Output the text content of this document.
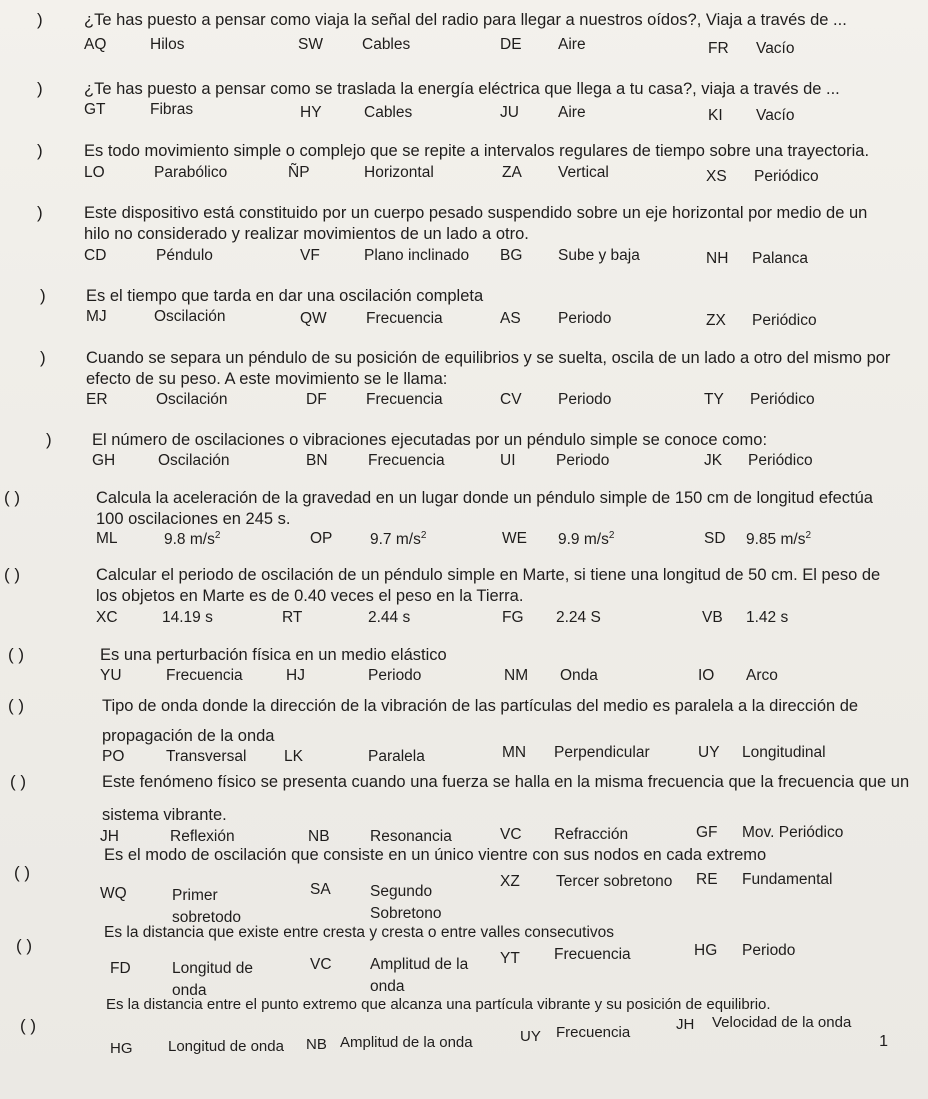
)	¿Te has puesto a pensar como viaja la señal del radio para llegar a nuestros oídos?, Viaja a través de ...
AQ	Hilos	SW	Cables	DE Aire	FR Vacío
)	¿Te has puesto a pensar como se traslada la energía eléctrica que llega a tu casa?, viaja a través de ...
GT	Fibras	HY	Cables	JU	Aire	KI Vacío
)	Es todo movimiento simple o complejo que se repite a intervalos regulares de tiempo sobre una trayectoria.
LO	Parabólico	ÑP	Horizontal	ZA Vertical	XS Periódico
)	Este dispositivo está constituido por un cuerpo pesado suspendido sobre un eje horizontal por medio de un
hilo no considerado y realizar movimientos de un lado a otro.
CD	Péndulo	VF	Plano inclinado BG Sube y baja	NH Palanca
) Es el tiempo que tarda en dar una oscilación completa
MJ	Oscilación	QW	Frecuencia	AS Periodo	ZX Periódico
) Cuando se separa un péndulo de su posición de equilibrios y se suelta, oscila de un lado a otro del mismo por
efecto de su peso. A este movimiento se le llama:
ER	Oscilación	DF	Frecuencia	CV Periodo	TY Periódico
) El número de oscilaciones o vibraciones ejecutadas por un péndulo simple se conoce como:
GH	Oscilación	BN	Frecuencia	UI	Periodo	JK Periódico
( )	Calcula la aceleración de la gravedad en un lugar donde un péndulo simple de 150 cm de longitud efectúa
100 oscilaciones en 245 s.
ML	9.8 $m/s^2$	OP 9.7 $m/s^2$	WE 9.9 $m/s^2$	SD 9.85 $m/s^2$
( )	Calcular el periodo de oscilación de un péndulo simple en Marte, si tiene una longitud de 50 cm. El peso de
los objetos en Marte es de 0.40 veces el peso en la Tierra.
XC	14.19 s	RT	2.44 s	FG 2.24 S	VB 1.42 s
( )	Es una perturbación física en un medio elástico
YU	Frecuencia	HJ	Periodo	NM Onda	IO Arco
( )	Tipo de onda donde la dirección de la vibración de las partículas del medio es paralela a la dirección de
propagación de la onda
PO	Transversal LK	Paralela	MN Perpendicular	UY Longitudinal
( )	Este fenómeno físico se presenta cuando una fuerza se halla en la misma frecuencia que la frecuencia que un
sistema vibrante.
JH	Reflexión	NB	Resonancia	VC Refracción	GF Mov. Periódico
( )
Es el modo de oscilación que consiste en un único vientre con sus nodos en cada extremo
WQ	Primer
sobretodo
SA	Segundo
Sobretono
XZ Tercer sobretono RE Fundamental
( )
Es la distancia que existe entre cresta y cresta o entre valles consecutivos
FD	Longitud de
onda
VC Amplitud de la
onda
YT Frecuencia	HG Periodo
( )
Es la distancia entre el punto extremo que alcanza una partícula vibrante y su posición de equilibrio.
HG Longitud de onda NB Amplitud de la onda	UY Frecuencia	JH Velocidad de la onda
1
